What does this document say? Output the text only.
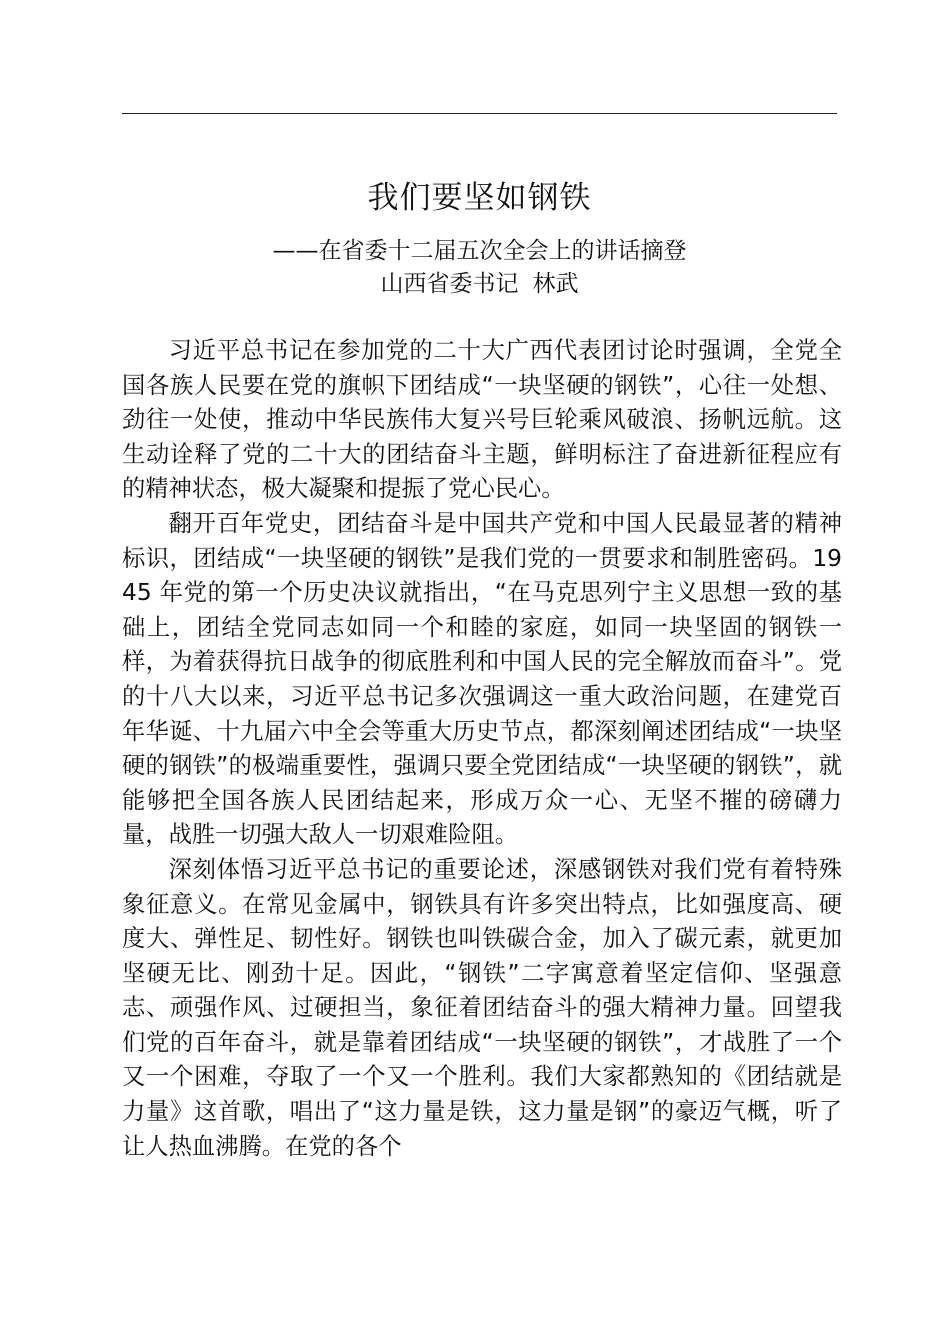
我们要坚如钢铁
——在省委十二届五次全会上的讲话摘登
山西省委书记 林武

习近平总书记在参加党的二十大广西代表团讨论时强调，全党全国各族人民要在党的旗帜下团结成“一块坚硬的钢铁”，心往一处想、劲往一处使，推动中华民族伟大复兴号巨轮乘风破浪、扬帆远航。这生动诠释了党的二十大的团结奋斗主题，鲜明标注了奋进新征程应有的精神状态，极大凝聚和提振了党心民心。

翻开百年党史，团结奋斗是中国共产党和中国人民最显著的精神标识，团结成“一块坚硬的钢铁”是我们党的一贯要求和制胜密码。1945 年党的第一个历史决议就指出，“在马克思列宁主义思想一致的基础上，团结全党同志如同一个和睦的家庭，如同一块坚固的钢铁一样，为着获得抗日战争的彻底胜利和中国人民的完全解放而奋斗”。党的十八大以来，习近平总书记多次强调这一重大政治问题，在建党百年华诞、十九届六中全会等重大历史节点，都深刻阐述团结成“一块坚硬的钢铁”的极端重要性，强调只要全党团结成“一块坚硬的钢铁”，就能够把全国各族人民团结起来，形成万众一心、无坚不摧的磅礴力量，战胜一切强大敌人一切艰难险阻。

深刻体悟习近平总书记的重要论述，深感钢铁对我们党有着特殊象征意义。在常见金属中，钢铁具有许多突出特点，比如强度高、硬度大、弹性足、韧性好。钢铁也叫铁碳合金，加入了碳元素，就更加坚硬无比、刚劲十足。因此，“钢铁”二字寓意着坚定信仰、坚强意志、顽强作风、过硬担当，象征着团结奋斗的强大精神力量。回望我们党的百年奋斗，就是靠着团结成“一块坚硬的钢铁”，才战胜了一个又一个困难，夺取了一个又一个胜利。我们大家都熟知的《团结就是力量》这首歌，唱出了“这力量是铁，这力量是钢”的豪迈气概，听了让人热血沸腾。在党的各个
